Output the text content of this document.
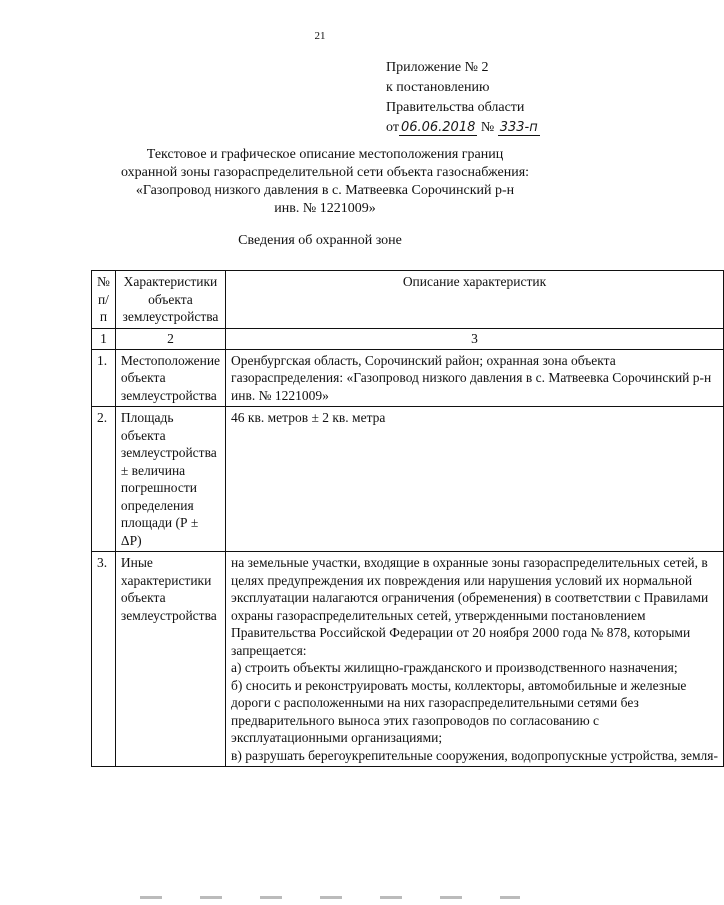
21
Приложение № 2
к постановлению
Правительства области
от 06.06.2018 № 333-п
Текстовое и графическое описание местоположения границ
охранной зоны газораспределительной сети объекта газоснабжения:
«Газопровод низкого давления в с. Матвеевка Сорочинский р-н
инв. № 1221009»
Сведения об охранной зоне
№ п/п	Характеристики объекта землеустройства	Описание характеристик
1	2	3
1.	Местоположение объекта землеустройства	Оренбургская область, Сорочинский район; охранная зона объекта газораспределения: «Газопровод низкого давления в с. Матвеевка Сорочинский р-н инв. № 1221009»
2.	Площадь объекта землеустройства ± величина погрешности определения площади (Р ± ΔР)	46 кв. метров ± 2 кв. метра
3.	Иные характеристики объекта землеустройства	на земельные участки, входящие в охранные зоны газораспределительных сетей, в целях предупреждения их повреждения или нарушения условий их нормальной эксплуатации налагаются ограничения (обременения) в соответствии с Правилами охраны газораспределительных сетей, утвержденными постановлением Правительства Российской Федерации от 20 ноября 2000 года № 878, которыми запрещается:
а) строить объекты жилищно-гражданского и производственного назначения;
б) сносить и реконструировать мосты, коллекторы, автомобильные и железные дороги с расположенными на них газораспределительными сетями без предварительного выноса этих газопроводов по согласованию с эксплуатационными организациями;
в) разрушать берегоукрепительные сооружения, водопропускные устройства, земля-
